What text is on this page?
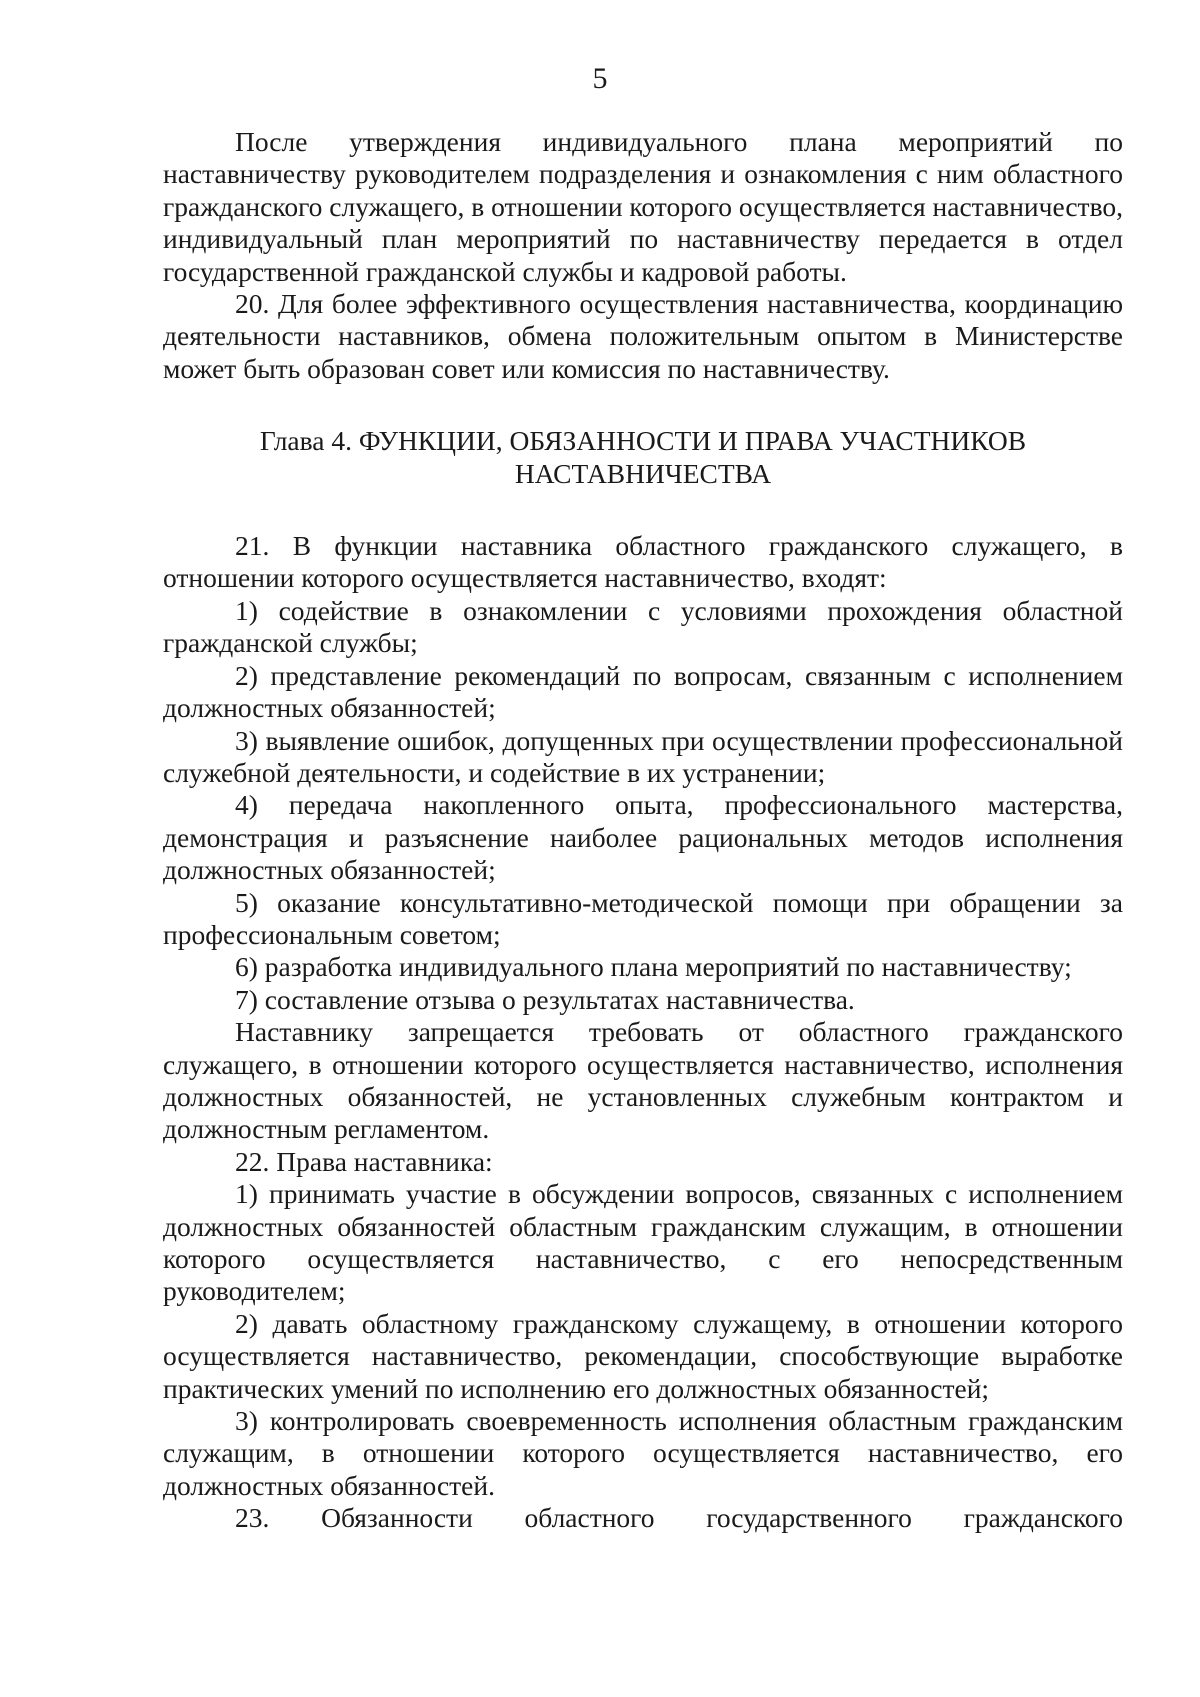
5

После утверждения индивидуального плана мероприятий по наставничеству руководителем подразделения и ознакомления с ним областного гражданского служащего, в отношении которого осуществляется наставничество, индивидуальный план мероприятий по наставничеству передается в отдел государственной гражданской службы и кадровой работы.

20. Для более эффективного осуществления наставничества, координацию деятельности наставников, обмена положительным опытом в Министерстве может быть образован совет или комиссия по наставничеству.

Глава 4. ФУНКЦИИ, ОБЯЗАННОСТИ И ПРАВА УЧАСТНИКОВ НАСТАВНИЧЕСТВА

21. В функции наставника областного гражданского служащего, в отношении которого осуществляется наставничество, входят:

1) содействие в ознакомлении с условиями прохождения областной гражданской службы;

2) представление рекомендаций по вопросам, связанным с исполнением должностных обязанностей;

3) выявление ошибок, допущенных при осуществлении профессиональной служебной деятельности, и содействие в их устранении;

4) передача накопленного опыта, профессионального мастерства, демонстрация и разъяснение наиболее рациональных методов исполнения должностных обязанностей;

5) оказание консультативно-методической помощи при обращении за профессиональным советом;

6) разработка индивидуального плана мероприятий по наставничеству;

7) составление отзыва о результатах наставничества.

Наставнику запрещается требовать от областного гражданского служащего, в отношении которого осуществляется наставничество, исполнения должностных обязанностей, не установленных служебным контрактом и должностным регламентом.

22. Права наставника:

1) принимать участие в обсуждении вопросов, связанных с исполнением должностных обязанностей областным гражданским служащим, в отношении которого осуществляется наставничество, с его непосредственным руководителем;

2) давать областному гражданскому служащему, в отношении которого осуществляется наставничество, рекомендации, способствующие выработке практических умений по исполнению его должностных обязанностей;

3) контролировать своевременность исполнения областным гражданским служащим, в отношении которого осуществляется наставничество, его должностных обязанностей.

23. Обязанности областного государственного гражданского
